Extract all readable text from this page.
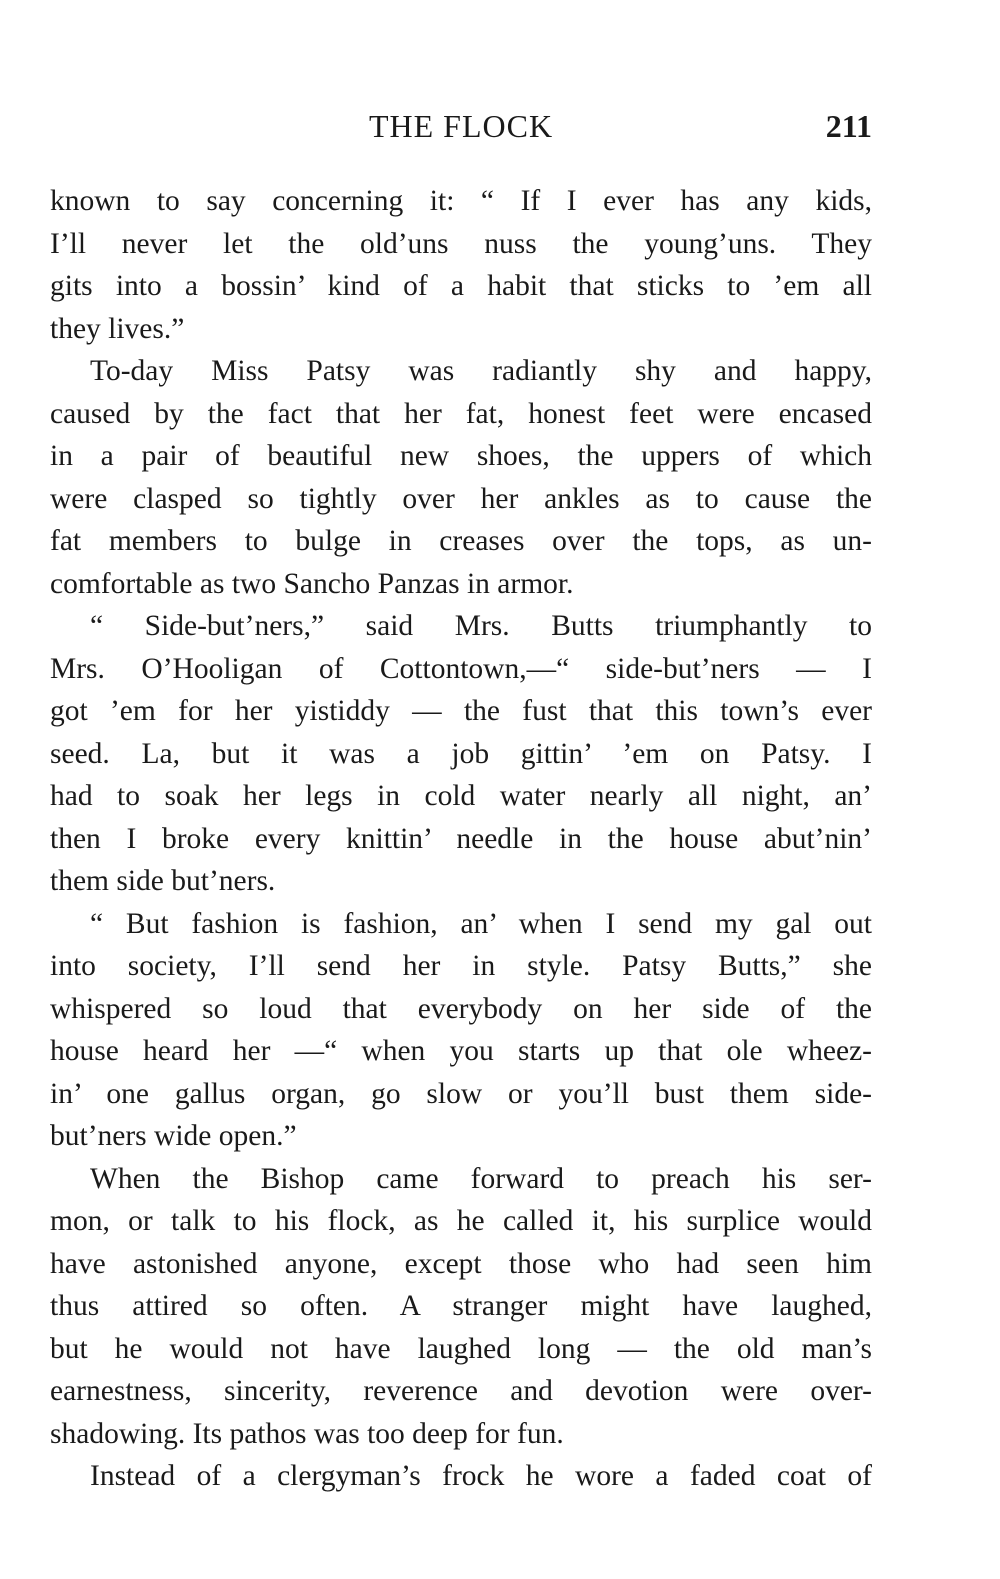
THE FLOCK	211
known to say concerning it: “ If I ever has any kids,
I’ll never let the old’uns nuss the young’uns. They
gits into a bossin’ kind of a habit that sticks to ’em all
they lives.”
To-day Miss Patsy was radiantly shy and happy,
caused by the fact that her fat, honest feet were encased
in a pair of beautiful new shoes, the uppers of which
were clasped so tightly over her ankles as to cause the
fat members to bulge in creases over the tops, as un-
comfortable as two Sancho Panzas in armor.
“ Side-but’ners,” said Mrs. Butts triumphantly to
Mrs. O’Hooligan of Cottontown,—“ side-but’ners — I
got ’em for her yistiddy — the fust that this town’s ever
seed. La, but it was a job gittin’ ’em on Patsy. I
had to soak her legs in cold water nearly all night, an’
then I broke every knittin’ needle in the house abut’nin’
them side but’ners.
“ But fashion is fashion, an’ when I send my gal out
into society, I’ll send her in style. Patsy Butts,” she
whispered so loud that everybody on her side of the
house heard her —“ when you starts up that ole wheez-
in’ one gallus organ, go slow or you’ll bust them side-
but’ners wide open.”
When the Bishop came forward to preach his ser-
mon, or talk to his flock, as he called it, his surplice would
have astonished anyone, except those who had seen him
thus attired so often. A stranger might have laughed,
but he would not have laughed long — the old man’s
earnestness, sincerity, reverence and devotion were over-
shadowing. Its pathos was too deep for fun.
Instead of a clergyman’s frock he wore a faded coat of
